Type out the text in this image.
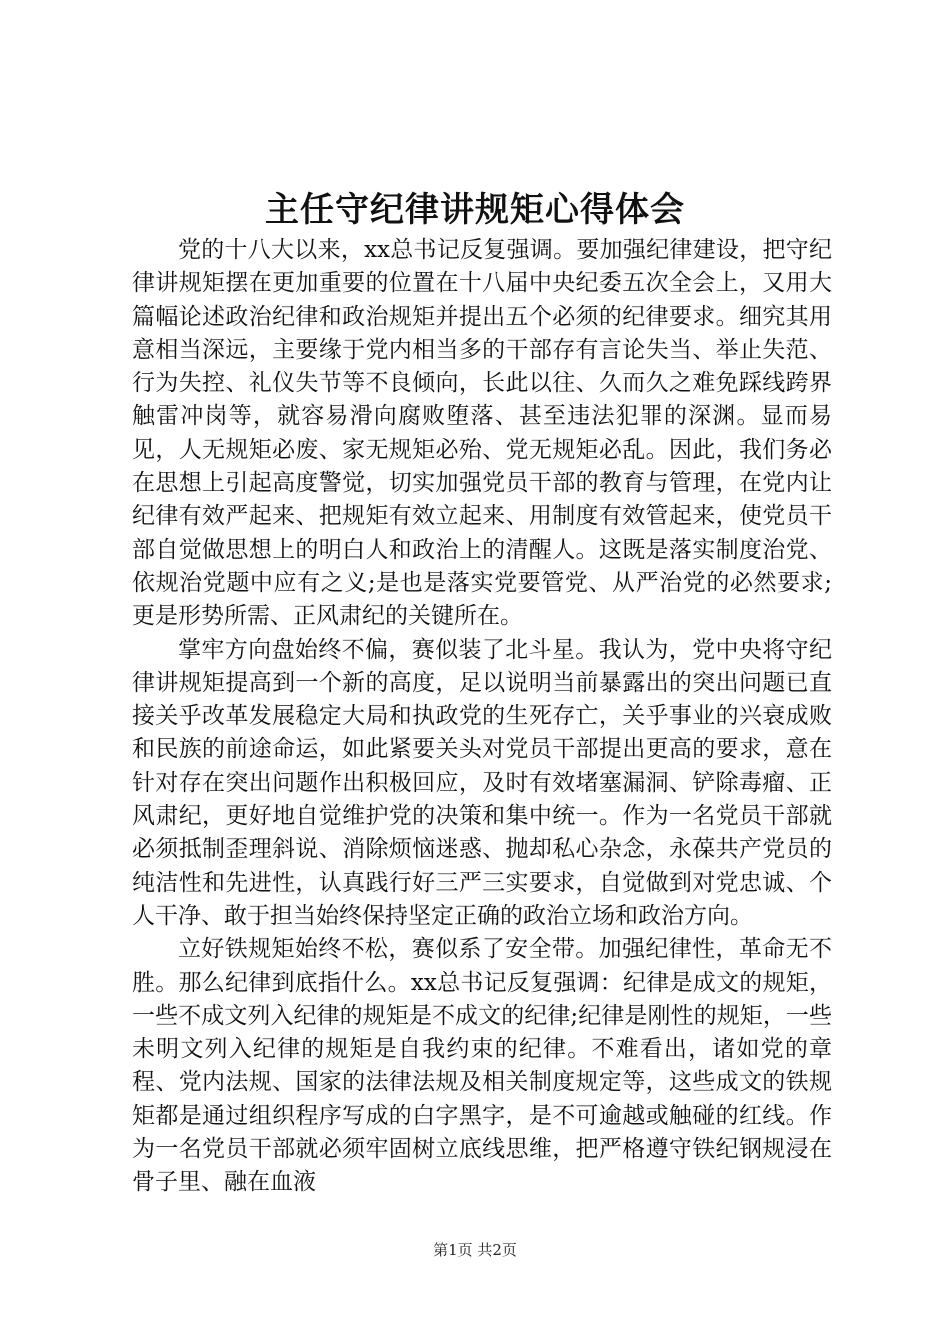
主任守纪律讲规矩心得体会

党的十八大以来，xx总书记反复强调。要加强纪律建设，把守纪律讲规矩摆在更加重要的位置在十八届中央纪委五次全会上，又用大篇幅论述政治纪律和政治规矩并提出五个必须的纪律要求。细究其用意相当深远，主要缘于党内相当多的干部存有言论失当、举止失范、行为失控、礼仪失节等不良倾向，长此以往、久而久之难免踩线跨界触雷冲岗等，就容易滑向腐败堕落、甚至违法犯罪的深渊。显而易见，人无规矩必废、家无规矩必殆、党无规矩必乱。因此，我们务必在思想上引起高度警觉，切实加强党员干部的教育与管理，在党内让纪律有效严起来、把规矩有效立起来、用制度有效管起来，使党员干部自觉做思想上的明白人和政治上的清醒人。这既是落实制度治党、依规治党题中应有之义;是也是落实党要管党、从严治党的必然要求;更是形势所需、正风肃纪的关键所在。

掌牢方向盘始终不偏，赛似装了北斗星。我认为，党中央将守纪律讲规矩提高到一个新的高度，足以说明当前暴露出的突出问题已直接关乎改革发展稳定大局和执政党的生死存亡，关乎事业的兴衰成败和民族的前途命运，如此紧要关头对党员干部提出更高的要求，意在针对存在突出问题作出积极回应，及时有效堵塞漏洞、铲除毒瘤、正风肃纪，更好地自觉维护党的决策和集中统一。作为一名党员干部就必须抵制歪理斜说、消除烦恼迷惑、抛却私心杂念，永葆共产党员的纯洁性和先进性，认真践行好三严三实要求，自觉做到对党忠诚、个人干净、敢于担当始终保持坚定正确的政治立场和政治方向。

立好铁规矩始终不松，赛似系了安全带。加强纪律性，革命无不胜。那么纪律到底指什么。xx总书记反复强调：纪律是成文的规矩，一些不成文列入纪律的规矩是不成文的纪律;纪律是刚性的规矩，一些未明文列入纪律的规矩是自我约束的纪律。不难看出，诸如党的章程、党内法规、国家的法律法规及相关制度规定等，这些成文的铁规矩都是通过组织程序写成的白字黑字，是不可逾越或触碰的红线。作为一名党员干部就必须牢固树立底线思维，把严格遵守铁纪钢规浸在骨子里、融在血液

第1页 共2页
